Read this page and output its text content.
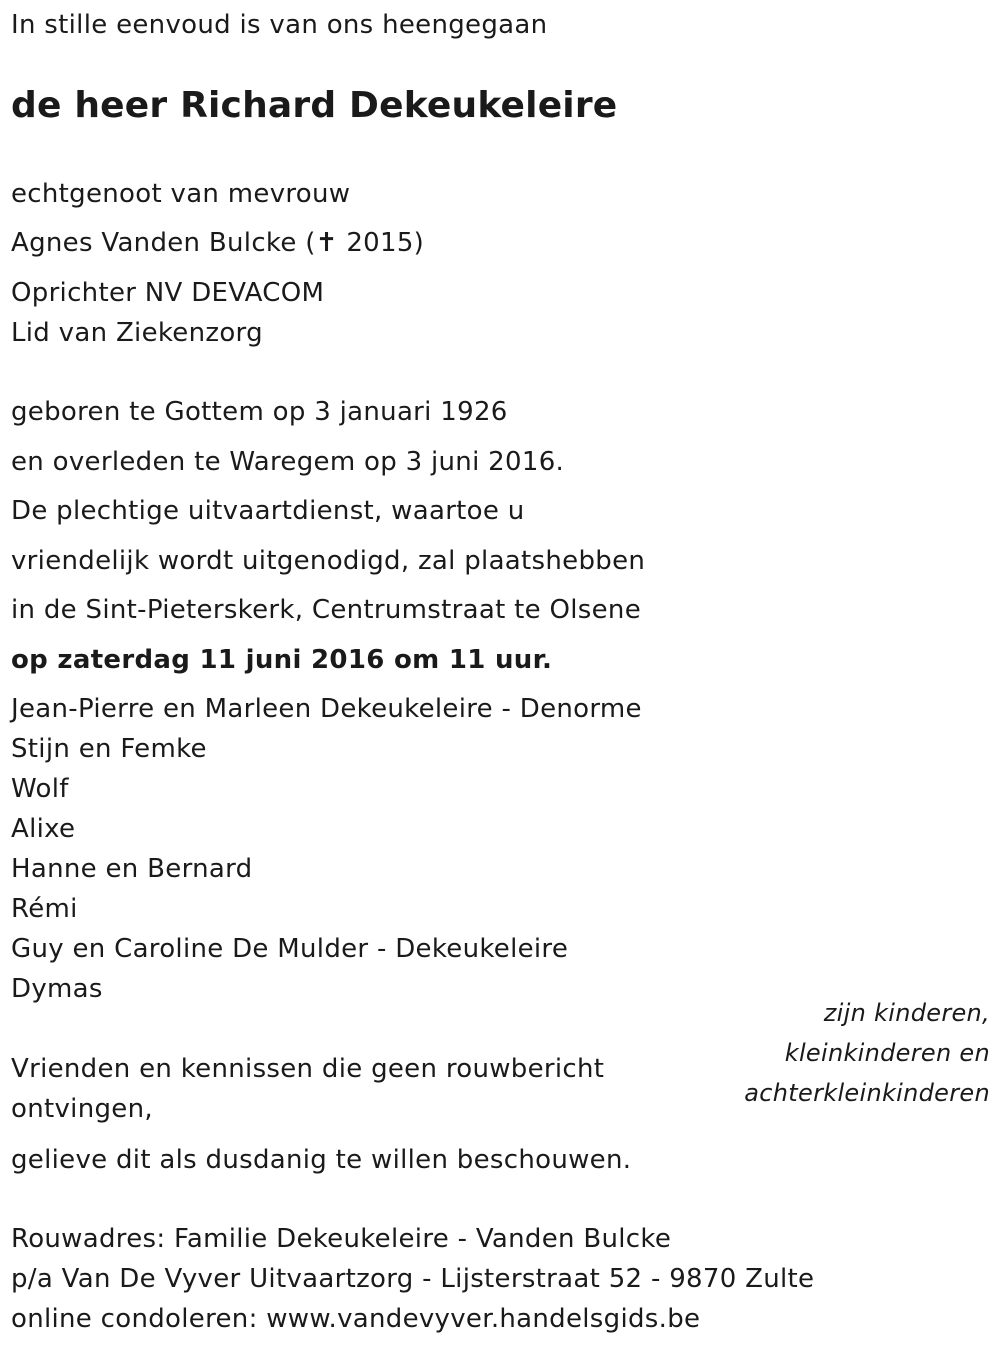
In stille eenvoud is van ons heengegaan
de heer Richard Dekeukeleire
echtgenoot van mevrouw
Agnes Vanden Bulcke (✝ 2015)
Oprichter NV DEVACOM
Lid van Ziekenzorg
geboren te Gottem op 3 januari 1926
en overleden te Waregem op 3 juni 2016.
De plechtige uitvaartdienst, waartoe u
vriendelijk wordt uitgenodigd, zal plaatshebben
in de Sint-Pieterskerk, Centrumstraat te Olsene
op zaterdag 11 juni 2016 om 11 uur.
Jean-Pierre en Marleen Dekeukeleire - Denorme
Stijn en Femke
Wolf
Alixe
Hanne en Bernard
Rémi
Guy en Caroline De Mulder - Dekeukeleire
Dymas
zijn kinderen,
kleinkinderen en
achterkleinkinderen
Vrienden en kennissen die geen rouwbericht
ontvingen,
gelieve dit als dusdanig te willen beschouwen.
Rouwadres: Familie Dekeukeleire - Vanden Bulcke
p/a Van De Vyver Uitvaartzorg - Lijsterstraat 52 - 9870 Zulte
online condoleren: www.vandevyver.handelsgids.be
